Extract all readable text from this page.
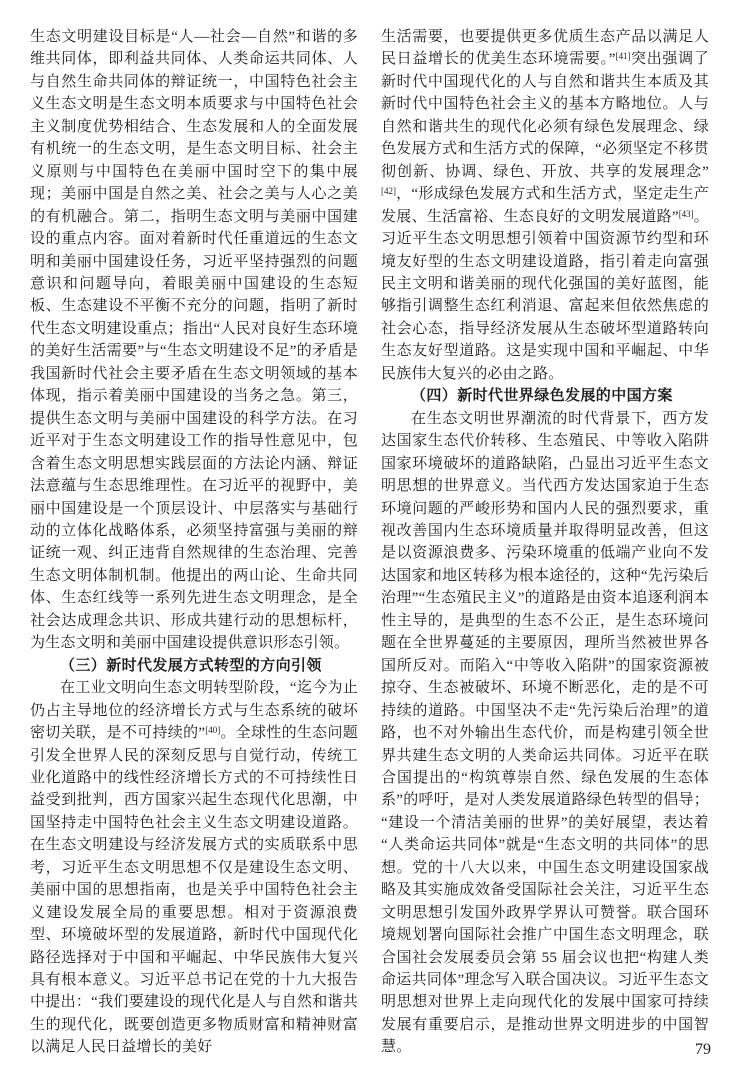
生态文明建设目标是“人—社会—自然”和谐的多维共同体，即利益共同体、人类命运共同体、人与自然生命共同体的辩证统一，中国特色社会主义生态文明是生态文明本质要求与中国特色社会主义制度优势相结合、生态发展和人的全面发展有机统一的生态文明，是生态文明目标、社会主义原则与中国特色在美丽中国时空下的集中展现；美丽中国是自然之美、社会之美与人心之美的有机融合。第二，指明生态文明与美丽中国建设的重点内容。面对着新时代任重道远的生态文明和美丽中国建设任务，习近平坚持强烈的问题意识和问题导向，着眼美丽中国建设的生态短板、生态建设不平衡不充分的问题，指明了新时代生态文明建设重点；指出“人民对良好生态环境的美好生活需要”与“生态文明建设不足”的矛盾是我国新时代社会主要矛盾在生态文明领域的基本体现，指示着美丽中国建设的当务之急。第三，提供生态文明与美丽中国建设的科学方法。在习近平对于生态文明建设工作的指导性意见中，包含着生态文明思想实践层面的方法论内涵、辩证法意蕴与生态思维理性。在习近平的视野中，美丽中国建设是一个顶层设计、中层落实与基础行动的立体化战略体系，必须坚持富强与美丽的辩证统一观、纠正违背自然规律的生态治理、完善生态文明体制机制。他提出的两山论、生命共同体、生态红线等一系列先进生态文明理念，是全社会达成理念共识、形成共建行动的思想标杆，为生态文明和美丽中国建设提供意识形态引领。

（三）新时代发展方式转型的方向引领

在工业文明向生态文明转型阶段，“迄今为止仍占主导地位的经济增长方式与生态系统的破坏密切关联，是不可持续的”[40]。全球性的生态问题引发全世界人民的深刻反思与自觉行动，传统工业化道路中的线性经济增长方式的不可持续性日益受到批判，西方国家兴起生态现代化思潮，中国坚持走中国特色社会主义生态文明建设道路。在生态文明建设与经济发展方式的实质联系中思考，习近平生态文明思想不仅是建设生态文明、美丽中国的思想指南，也是关乎中国特色社会主义建设发展全局的重要思想。相对于资源浪费型、环境破坏型的发展道路，新时代中国现代化路径选择对于中国和平崛起、中华民族伟大复兴具有根本意义。习近平总书记在党的十九大报告中提出：“我们要建设的现代化是人与自然和谐共生的现代化，既要创造更多物质财富和精神财富以满足人民日益增长的美好

生活需要，也要提供更多优质生态产品以满足人民日益增长的优美生态环境需要。”[41]突出强调了新时代中国现代化的人与自然和谐共生本质及其新时代中国特色社会主义的基本方略地位。人与自然和谐共生的现代化必须有绿色发展理念、绿色发展方式和生活方式的保障，“必须坚定不移贯彻创新、协调、绿色、开放、共享的发展理念”[42]，“形成绿色发展方式和生活方式，坚定走生产发展、生活富裕、生态良好的文明发展道路”[43]。习近平生态文明思想引领着中国资源节约型和环境友好型的生态文明建设道路，指引着走向富强民主文明和谐美丽的现代化强国的美好蓝图，能够指引调整生态红利消退、富起来但依然焦虑的社会心态，指导经济发展从生态破坏型道路转向生态友好型道路。这是实现中国和平崛起、中华民族伟大复兴的必由之路。

（四）新时代世界绿色发展的中国方案

在生态文明世界潮流的时代背景下，西方发达国家生态代价转移、生态殖民、中等收入陷阱国家环境破坏的道路缺陷，凸显出习近平生态文明思想的世界意义。当代西方发达国家迫于生态环境问题的严峻形势和国内人民的强烈要求，重视改善国内生态环境质量并取得明显改善，但这是以资源浪费多、污染环境重的低端产业向不发达国家和地区转移为根本途径的，这种“先污染后治理”“生态殖民主义”的道路是由资本追逐利润本性主导的，是典型的生态不公正，是生态环境问题在全世界蔓延的主要原因，理所当然被世界各国所反对。而陷入“中等收入陷阱”的国家资源被掠夺、生态被破坏、环境不断恶化，走的是不可持续的道路。中国坚决不走“先污染后治理”的道路，也不对外输出生态代价，而是构建引领全世界共建生态文明的人类命运共同体。习近平在联合国提出的“构筑尊崇自然、绿色发展的生态体系”的呼吁，是对人类发展道路绿色转型的倡导；“建设一个清洁美丽的世界”的美好展望，表达着“人类命运共同体”就是“生态文明的共同体”的思想。党的十八大以来，中国生态文明建设国家战略及其实施成效备受国际社会关注，习近平生态文明思想引发国外政界学界认可赞誉。联合国环境规划署向国际社会推广中国生态文明理念，联合国社会发展委员会第 55 届会议也把“构建人类命运共同体”理念写入联合国决议。习近平生态文明思想对世界上走向现代化的发展中国家可持续发展有重要启示，是推动世界文明进步的中国智慧。	79
